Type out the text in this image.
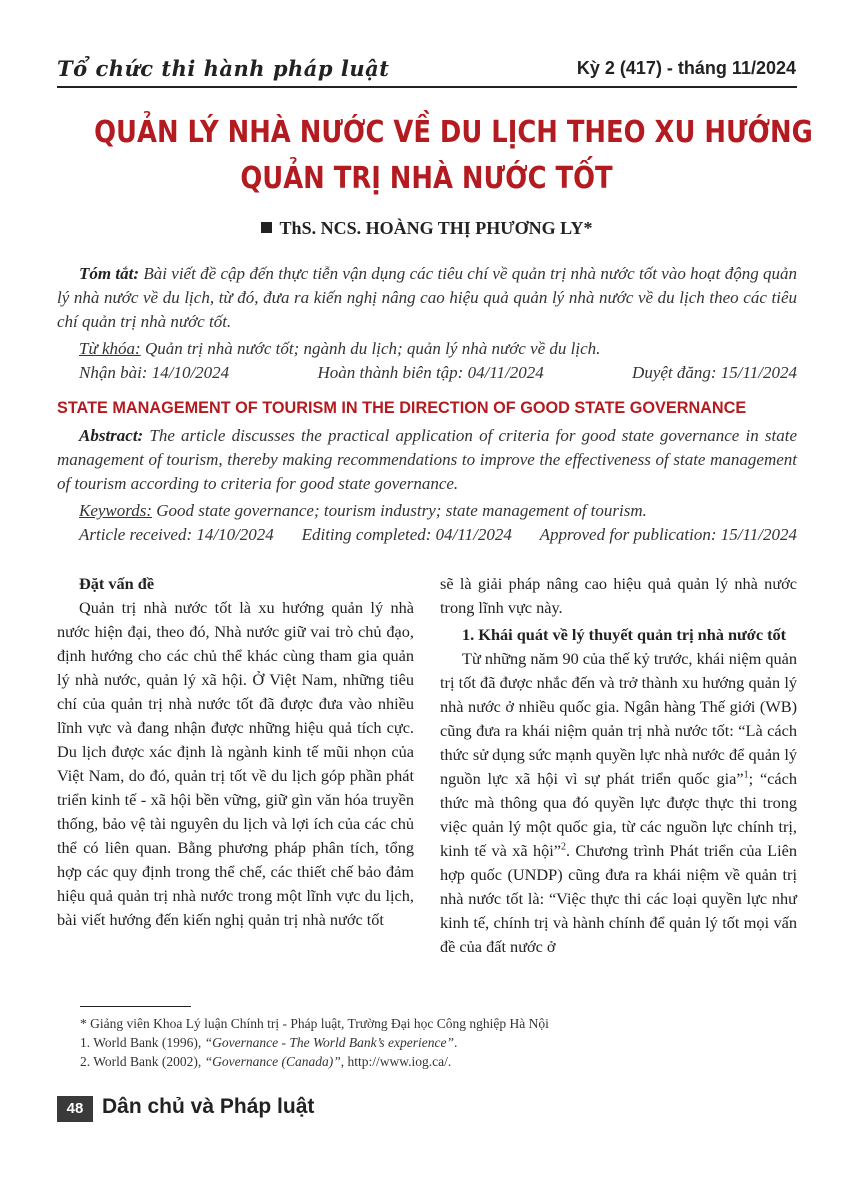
Tổ chức thi hành pháp luật	Kỳ 2 (417) - tháng 11/2024
QUẢN LÝ NHÀ NƯỚC VỀ DU LỊCH THEO XU HƯỚNG
QUẢN TRỊ NHÀ NƯỚC TỐT
ThS. NCS. HOÀNG THỊ PHƯƠNG LY*
Tóm tắt: Bài viết đề cập đến thực tiễn vận dụng các tiêu chí về quản trị nhà nước tốt vào hoạt động quản lý nhà nước về du lịch, từ đó, đưa ra kiến nghị nâng cao hiệu quả quản lý nhà nước về du lịch theo các tiêu chí quản trị nhà nước tốt.
Từ khóa: Quản trị nhà nước tốt; ngành du lịch; quản lý nhà nước về du lịch.
Nhận bài: 14/10/2024	Hoàn thành biên tập: 04/11/2024	Duyệt đăng: 15/11/2024
STATE MANAGEMENT OF TOURISM IN THE DIRECTION OF GOOD STATE GOVERNANCE
Abstract: The article discusses the practical application of criteria for good state governance in state management of tourism, thereby making recommendations to improve the effectiveness of state management of tourism according to criteria for good state governance.
Keywords: Good state governance; tourism industry; state management of tourism.
Article received: 14/10/2024 Editing completed: 04/11/2024 Approved for publication: 15/11/2024
Đặt vấn đề
Quản trị nhà nước tốt là xu hướng quản lý nhà nước hiện đại, theo đó, Nhà nước giữ vai trò chủ đạo, định hướng cho các chủ thể khác cùng tham gia quản lý nhà nước, quản lý xã hội. Ở Việt Nam, những tiêu chí của quản trị nhà nước tốt đã được đưa vào nhiều lĩnh vực và đang nhận được những hiệu quả tích cực. Du lịch được xác định là ngành kinh tế mũi nhọn của Việt Nam, do đó, quản trị tốt về du lịch góp phần phát triển kinh tế - xã hội bền vững, giữ gìn văn hóa truyền thống, bảo vệ tài nguyên du lịch và lợi ích của các chủ thể có liên quan. Bằng phương pháp phân tích, tổng hợp các quy định trong thể chế, các thiết chế bảo đảm hiệu quả quản trị nhà nước trong một lĩnh vực du lịch, bài viết hướng đến kiến nghị quản trị nhà nước tốt
sẽ là giải pháp nâng cao hiệu quả quản lý nhà nước trong lĩnh vực này.
1. Khái quát về lý thuyết quản trị nhà nước tốt
Từ những năm 90 của thế kỷ trước, khái niệm quản trị tốt đã được nhắc đến và trở thành xu hướng quản lý nhà nước ở nhiều quốc gia. Ngân hàng Thế giới (WB) cũng đưa ra khái niệm quản trị nhà nước tốt: “Là cách thức sử dụng sức mạnh quyền lực nhà nước để quản lý nguồn lực xã hội vì sự phát triển quốc gia”$^1$; “cách thức mà thông qua đó quyền lực được thực thi trong việc quản lý một quốc gia, từ các nguồn lực chính trị, kinh tế và xã hội”$^2$. Chương trình Phát triển của Liên hợp quốc (UNDP) cũng đưa ra khái niệm về quản trị nhà nước tốt là: “Việc thực thi các loại quyền lực như kinh tế, chính trị và hành chính để quản lý tốt mọi vấn đề của đất nước ở
* Giảng viên Khoa Lý luận Chính trị - Pháp luật, Trường Đại học Công nghiệp Hà Nội
1. World Bank (1996), “Governance - The World Bank’s experience”.
2. World Bank (2002), “Governance (Canada)”, http://www.iog.ca/.
48 Dân chủ và Pháp luật
